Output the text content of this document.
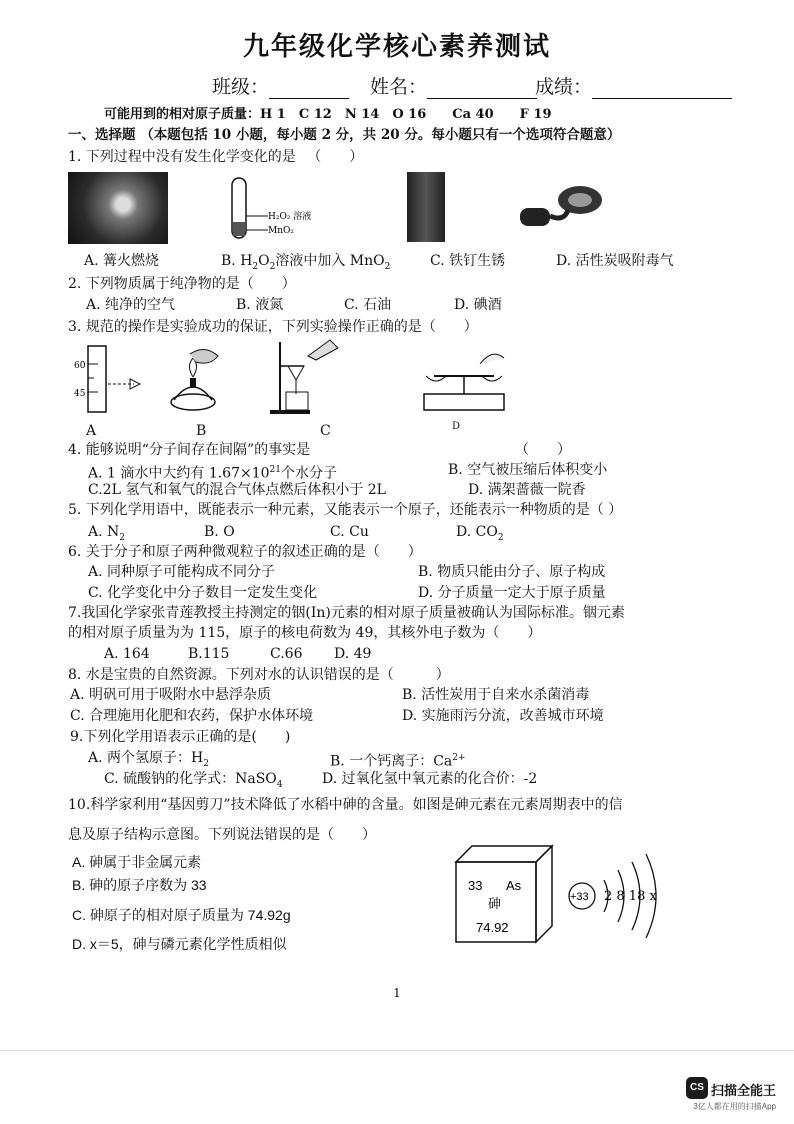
九年级化学核心素养测试
班级：	姓名：	成绩：
可能用到的相对原子质量：H 1　C 12　N 14　O 16　　Ca 40　　F 19
一、选择题 （本题包括 10 小题，每小题 2 分，共 20 分。每小题只有一个选项符合题意）
1. 下列过程中没有发生化学变化的是 　（　　）
H₂O₂ 溶液
MnO₂
A. 篝火燃烧	B. $H_2O_2$溶液中加入 MnO$_2$	C. 铁钉生锈	D. 活性炭吸附毒气
2. 下列物质属于纯净物的是（　　）
A. 纯净的空气	B. 液氮	C. 石油	D. 碘酒
3. 规范的操作是实验成功的保证，下列实验操作正确的是（　　）
60
45
A	B	C	D
4. 能够说明“分子间存在间隔”的事实是	（　　）
A. 1 滴水中大约有 $1.67\times 10^{21}$个水分子	B. 空气被压缩后体积变小
C.2L 氢气和氧气的混合气体点燃后体积小于 2L	D. 满架蔷薇一院香
5. 下列化学用语中，既能表示一种元素，又能表示一个原子，还能表示一种物质的是（ ）
A. $N_2$	B. O	C. Cu	D. $CO_2$
6. 关于分子和原子两种微观粒子的叙述正确的是（　　）
A. 同种原子可能构成不同分子	B. 物质只能由分子、原子构成
C. 化学变化中分子数目一定发生变化	D. 分子质量一定大于原子质量
7.我国化学家张青莲教授主持测定的铟(In)元素的相对原子质量被确认为国际标准。铟元素
的相对原子质量为为 115，原子的核电荷数为 49，其核外电子数为（　　）
A. 164	B.115	C.66 D. 49
8. 水是宝贵的自然资源。下列对水的认识错误的是（　　　）
A. 明矾可用于吸附水中悬浮杂质	B. 活性炭用于自来水杀菌消毒
C. 合理施用化肥和农药，保护水体环境	D. 实施雨污分流，改善城市环境
9.下列化学用语表示正确的是(　　)
A. 两个氢原子：$H_2$	B. 一个钙离子：$Ca^{2+}$
C. 硫酸钠的化学式：NaSO$_4$	D. 过氧化氢中氧元素的化合价：-2
10.科学家利用“基因剪刀”技术降低了水稻中砷的含量。如图是砷元素在元素周期表中的信
息及原子结构示意图。下列说法错误的是（　　）
A. 砷属于非金属元素
B. 砷的原子序数为 33
C. 砷原子的相对原子质量为 74.92g
D. x＝5，砷与磷元素化学性质相似
33 As
砷
74.92
+33 2 8 18 x
1
CS 扫描全能王
3亿人都在用的扫描App
